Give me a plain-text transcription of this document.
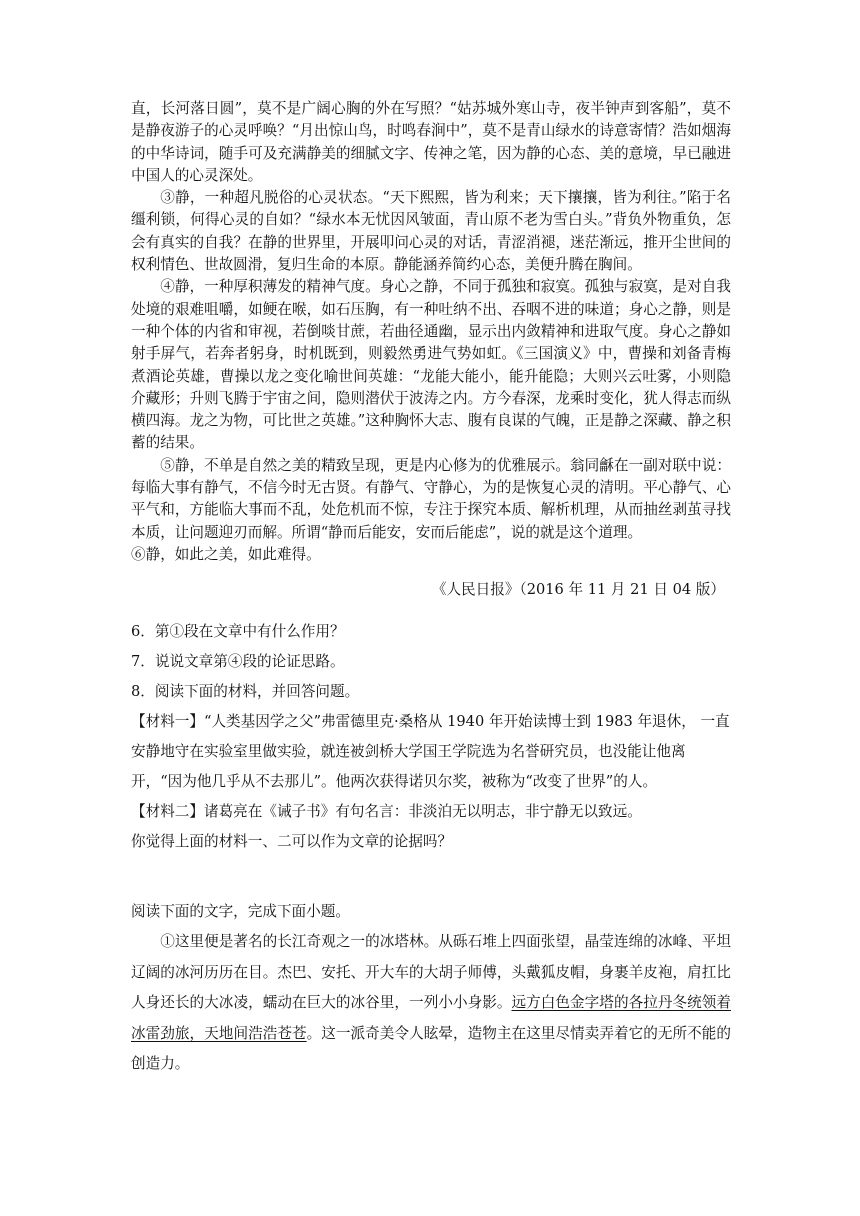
直，长河落日圆”，莫不是广阔心胸的外在写照？“姑苏城外寒山寺，夜半钟声到客船”，莫不是静夜游子的心灵呼唤？“月出惊山鸟，时鸣春涧中”，莫不是青山绿水的诗意寄情？浩如烟海的中华诗词，随手可及充满静美的细腻文字、传神之笔，因为静的心态、美的意境，早已融进中国人的心灵深处。

③静，一种超凡脱俗的心灵状态。“天下熙熙，皆为利来；天下攘攘，皆为利往。”陷于名缰利锁，何得心灵的自如？“绿水本无忧因风皱面，青山原不老为雪白头。”背负外物重负，怎会有真实的自我？在静的世界里，开展叩问心灵的对话，青涩消褪，迷茫渐远，推开尘世间的权利情色、世故圆滑，复归生命的本原。静能涵养简约心态，美便升腾在胸间。

④静，一种厚积薄发的精神气度。身心之静，不同于孤独和寂寞。孤独与寂寞，是对自我处境的艰难咀嚼，如鲠在喉，如石压胸，有一种吐纳不出、吞咽不进的味道；身心之静，则是一种个体的内省和审视，若倒啖甘蔗，若曲径通幽，显示出内敛精神和进取气度。身心之静如射手屏气，若奔者躬身，时机既到，则毅然勇进气势如虹。《三国演义》中，曹操和刘备青梅煮酒论英雄，曹操以龙之变化喻世间英雄：“龙能大能小，能升能隐；大则兴云吐雾，小则隐介藏形；升则飞腾于宇宙之间，隐则潜伏于波涛之内。方今春深，龙乘时变化，犹人得志而纵横四海。龙之为物，可比世之英雄。”这种胸怀大志、腹有良谋的气魄，正是静之深藏、静之积蓄的结果。

⑤静，不单是自然之美的精致呈现，更是内心修为的优雅展示。翁同龢在一副对联中说：每临大事有静气，不信今时无古贤。有静气、守静心，为的是恢复心灵的清明。平心静气、心平气和，方能临大事而不乱，处危机而不惊，专注于探究本质、解析机理，从而抽丝剥茧寻找本质，让问题迎刃而解。所谓“静而后能安，安而后能虑”，说的就是这个道理。

⑥静，如此之美，如此难得。

《人民日报》（2016 年 11 月 21 日 04 版）

6．第①段在文章中有什么作用？

7．说说文章第④段的论证思路。

8．阅读下面的材料，并回答问题。

【材料一】“人类基因学之父”弗雷德里克·桑格从 1940 年开始读博士到 1983 年退休， 一直安静地守在实验室里做实验，就连被剑桥大学国王学院选为名誉研究员，也没能让他离开，“因为他几乎从不去那儿”。他两次获得诺贝尔奖，被称为“改变了世界”的人。

【材料二】诸葛亮在《诫子书》有句名言：非淡泊无以明志，非宁静无以致远。

你觉得上面的材料一、二可以作为文章的论据吗？

阅读下面的文字，完成下面小题。

①这里便是著名的长江奇观之一的冰塔林。从砾石堆上四面张望，晶莹连绵的冰峰、平坦辽阔的冰河历历在目。杰巴、安托、开大车的大胡子师傅，头戴狐皮帽，身裹羊皮袍，肩扛比人身还长的大冰凌，蠕动在巨大的冰谷里，一列小小身影。远方白色金字塔的各拉丹冬统领着冰雷劲旅，天地间浩浩苍苍。这一派奇美令人眩晕，造物主在这里尽情卖弄着它的无所不能的创造力。
